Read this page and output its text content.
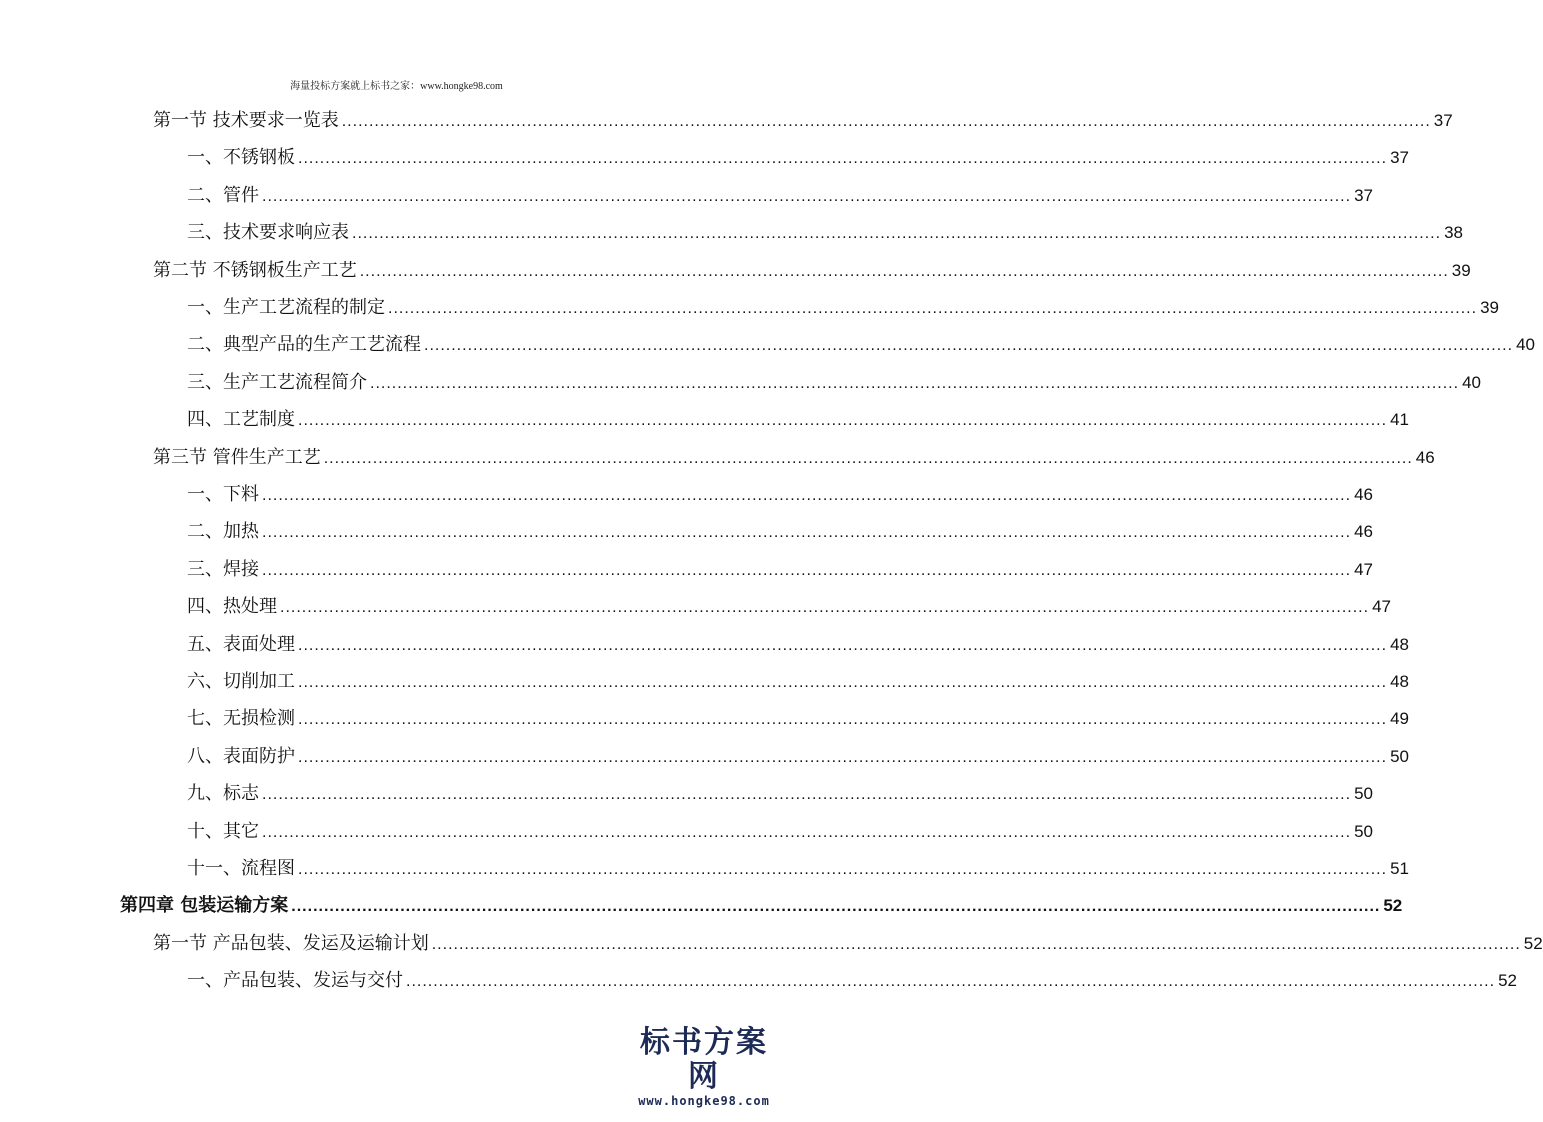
海量投标方案就上标书之家：www.hongke98.com
第一节 技术要求一览表 ........................................................................................................................................................................................................ 37
一、不锈钢板 ........................................................................................................................................................................................................ 37
二、管件 ........................................................................................................................................................................................................ 37
三、技术要求响应表 ........................................................................................................................................................................................................ 38
第二节 不锈钢板生产工艺 ........................................................................................................................................................................................................ 39
一、生产工艺流程的制定 ........................................................................................................................................................................................................ 39
二、典型产品的生产工艺流程 ........................................................................................................................................................................................................ 40
三、生产工艺流程简介 ........................................................................................................................................................................................................ 40
四、工艺制度 ........................................................................................................................................................................................................ 41
第三节 管件生产工艺 ........................................................................................................................................................................................................ 46
一、下料 ........................................................................................................................................................................................................ 46
二、加热 ........................................................................................................................................................................................................ 46
三、焊接 ........................................................................................................................................................................................................ 47
四、热处理 ........................................................................................................................................................................................................ 47
五、表面处理 ........................................................................................................................................................................................................ 48
六、切削加工 ........................................................................................................................................................................................................ 48
七、无损检测 ........................................................................................................................................................................................................ 49
八、表面防护 ........................................................................................................................................................................................................ 50
九、标志 ........................................................................................................................................................................................................ 50
十、其它 ........................................................................................................................................................................................................ 50
十一、流程图 ........................................................................................................................................................................................................ 51
第四章 包装运输方案 ........................................................................................................................................................................................................ 52
第一节 产品包装、发运及运输计划 ........................................................................................................................................................................................................ 52
一、产品包装、发运与交付 ........................................................................................................................................................................................................ 52
标书方案网
www.hongke98.com
